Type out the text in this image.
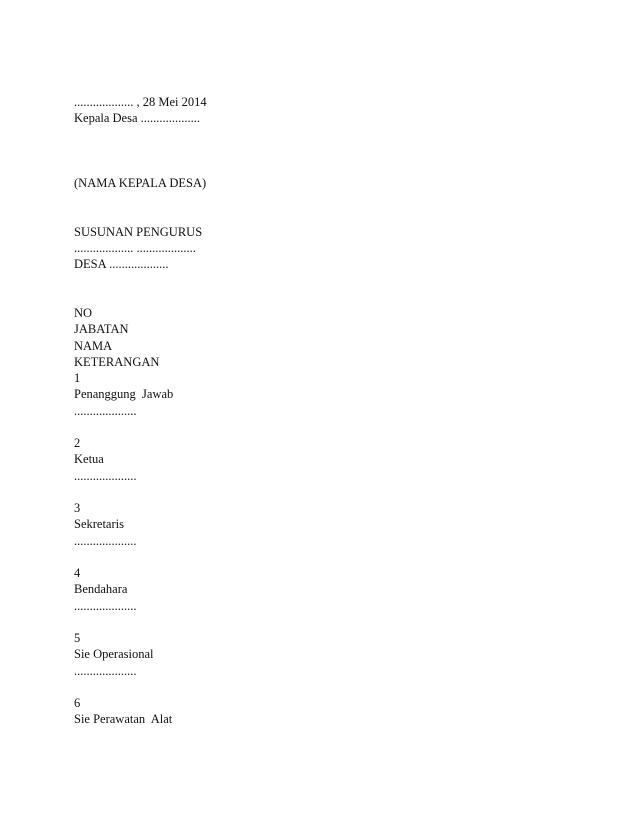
................... , 28 Mei 2014
Kepala Desa ...................
(NAMA KEPALA DESA)
SUSUNAN PENGURUS
................... ...................
DESA ...................
NO
JABATAN
NAMA
KETERANGAN
1
Penanggung  Jawab
....................
2
Ketua
....................
3
Sekretaris
....................
4
Bendahara
....................
5
Sie Operasional
....................
6
Sie Perawatan  Alat
